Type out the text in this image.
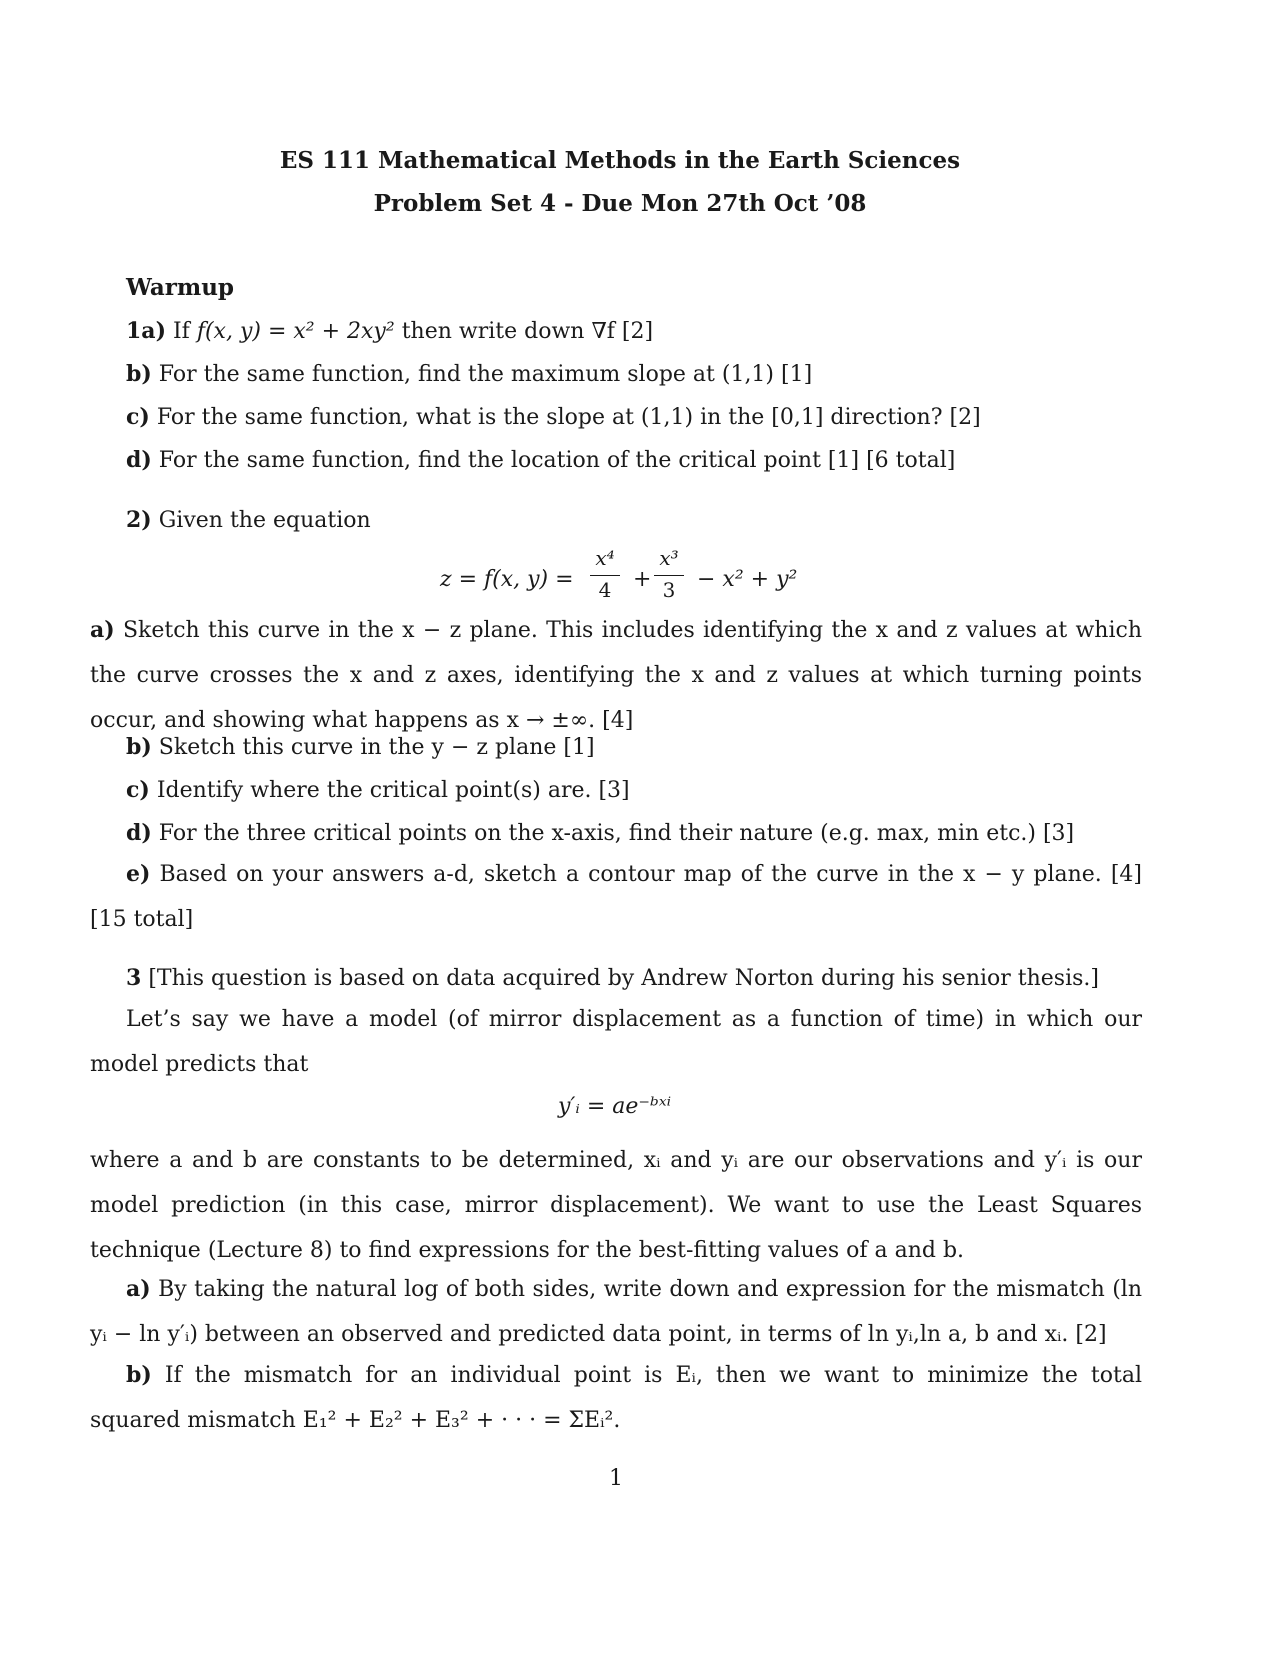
ES 111 Mathematical Methods in the Earth Sciences
Problem Set 4 - Due Mon 27th Oct ’08
Warmup
1a) If f(x, y) = x² + 2xy² then write down ∇f [2]
b) For the same function, find the maximum slope at (1,1) [1]
c) For the same function, what is the slope at (1,1) in the [0,1] direction? [2]
d) For the same function, find the location of the critical point [1] [6 total]
2) Given the equation
z = f(x, y) =
x⁴
4 +
x³
3 − x² + y²
a) Sketch this curve in the x − z plane. This includes identifying the x and z values at which the curve crosses the x and z axes, identifying the x and z values at which turning points occur, and showing what happens as x → ±∞. [4]
b) Sketch this curve in the y − z plane [1]
c) Identify where the critical point(s) are. [3]
d) For the three critical points on the x-axis, find their nature (e.g. max, min etc.) [3]
e) Based on your answers a-d, sketch a contour map of the curve in the x − y plane. [4] [15 total]
3 [This question is based on data acquired by Andrew Norton during his senior thesis.]
Let’s say we have a model (of mirror displacement as a function of time) in which our model predicts that
y′ᵢ = ae⁻ᵇˣⁱ
where a and b are constants to be determined, xᵢ and yᵢ are our observations and y′ᵢ is our model prediction (in this case, mirror displacement). We want to use the Least Squares technique (Lecture 8) to find expressions for the best-fitting values of a and b.
a) By taking the natural log of both sides, write down and expression for the mismatch (ln yᵢ − ln y′ᵢ) between an observed and predicted data point, in terms of ln yᵢ,ln a, b and xᵢ. [2]
b) If the mismatch for an individual point is Eᵢ, then we want to minimize the total squared mismatch E₁² + E₂² + E₃² + · · · = ΣEᵢ².
1
